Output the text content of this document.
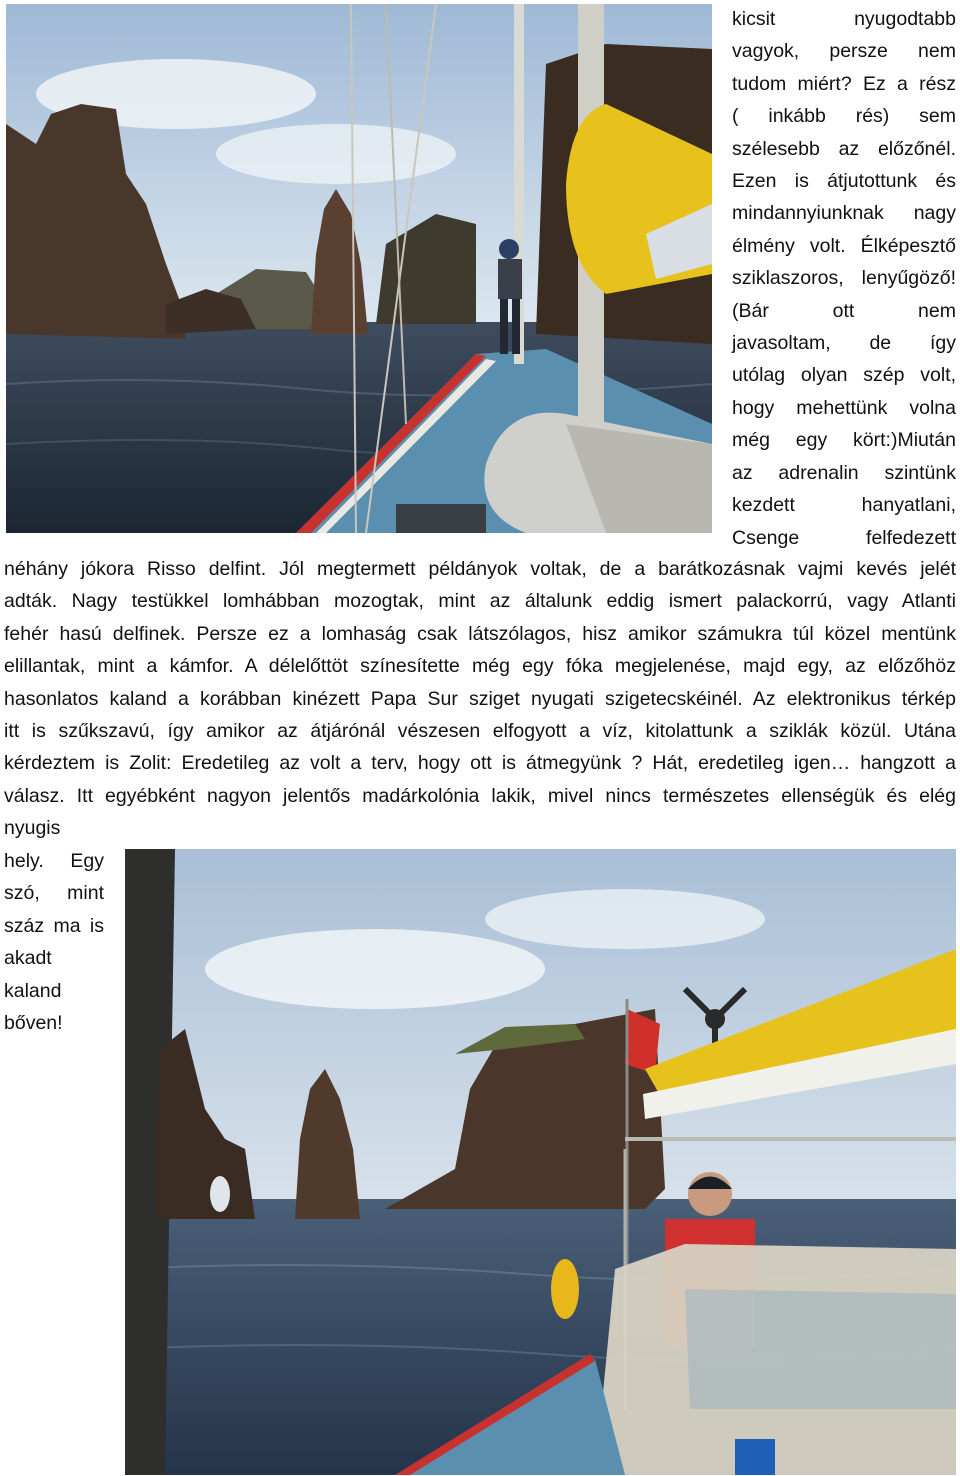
kicsit nyugodtabb
vagyok, persze nem
tudom miért? Ez a rész
( inkább rés) sem
szélesebb az előzőnél.
Ezen is átjutottunk és
mindannyiunknak nagy
élmény volt. Élképesztő
sziklaszoros, lenyűgöző!
(Bár ott nem
javasoltam, de így
utólag olyan szép volt,
hogy mehettünk volna
még egy kört:)Miután
az adrenalin szintünk
kezdett hanyatlani,
Csenge felfedezett

néhány jókora Risso delfint. Jól megtermett példányok voltak, de a barátkozásnak vajmi kevés jelét
adták. Nagy testükkel lomhábban mozogtak, mint az általunk eddig ismert palackorrú, vagy Atlanti
fehér hasú delfinek. Persze ez a lomhaság csak látszólagos, hisz amikor számukra túl közel mentünk
elillantak, mint a kámfor. A délelőttöt színesítette még egy fóka megjelenése, majd egy, az előzőhöz
hasonlatos kaland a korábban kinézett Papa Sur sziget nyugati szigetecskéinél. Az elektronikus térkép
itt is szűkszavú, így amikor az átjárónál vészesen elfogyott a víz, kitolattunk a sziklák közül. Utána
kérdeztem is Zolit: Eredetileg az volt a terv, hogy ott is átmegyünk ? Hát, eredetileg igen… hangzott a
válasz. Itt egyébként nagyon jelentős madárkolónia lakik, mivel nincs természetes ellenségük és elég
nyugis

hely. Egy
szó, mint
száz ma is
akadt
kaland
bőven!
